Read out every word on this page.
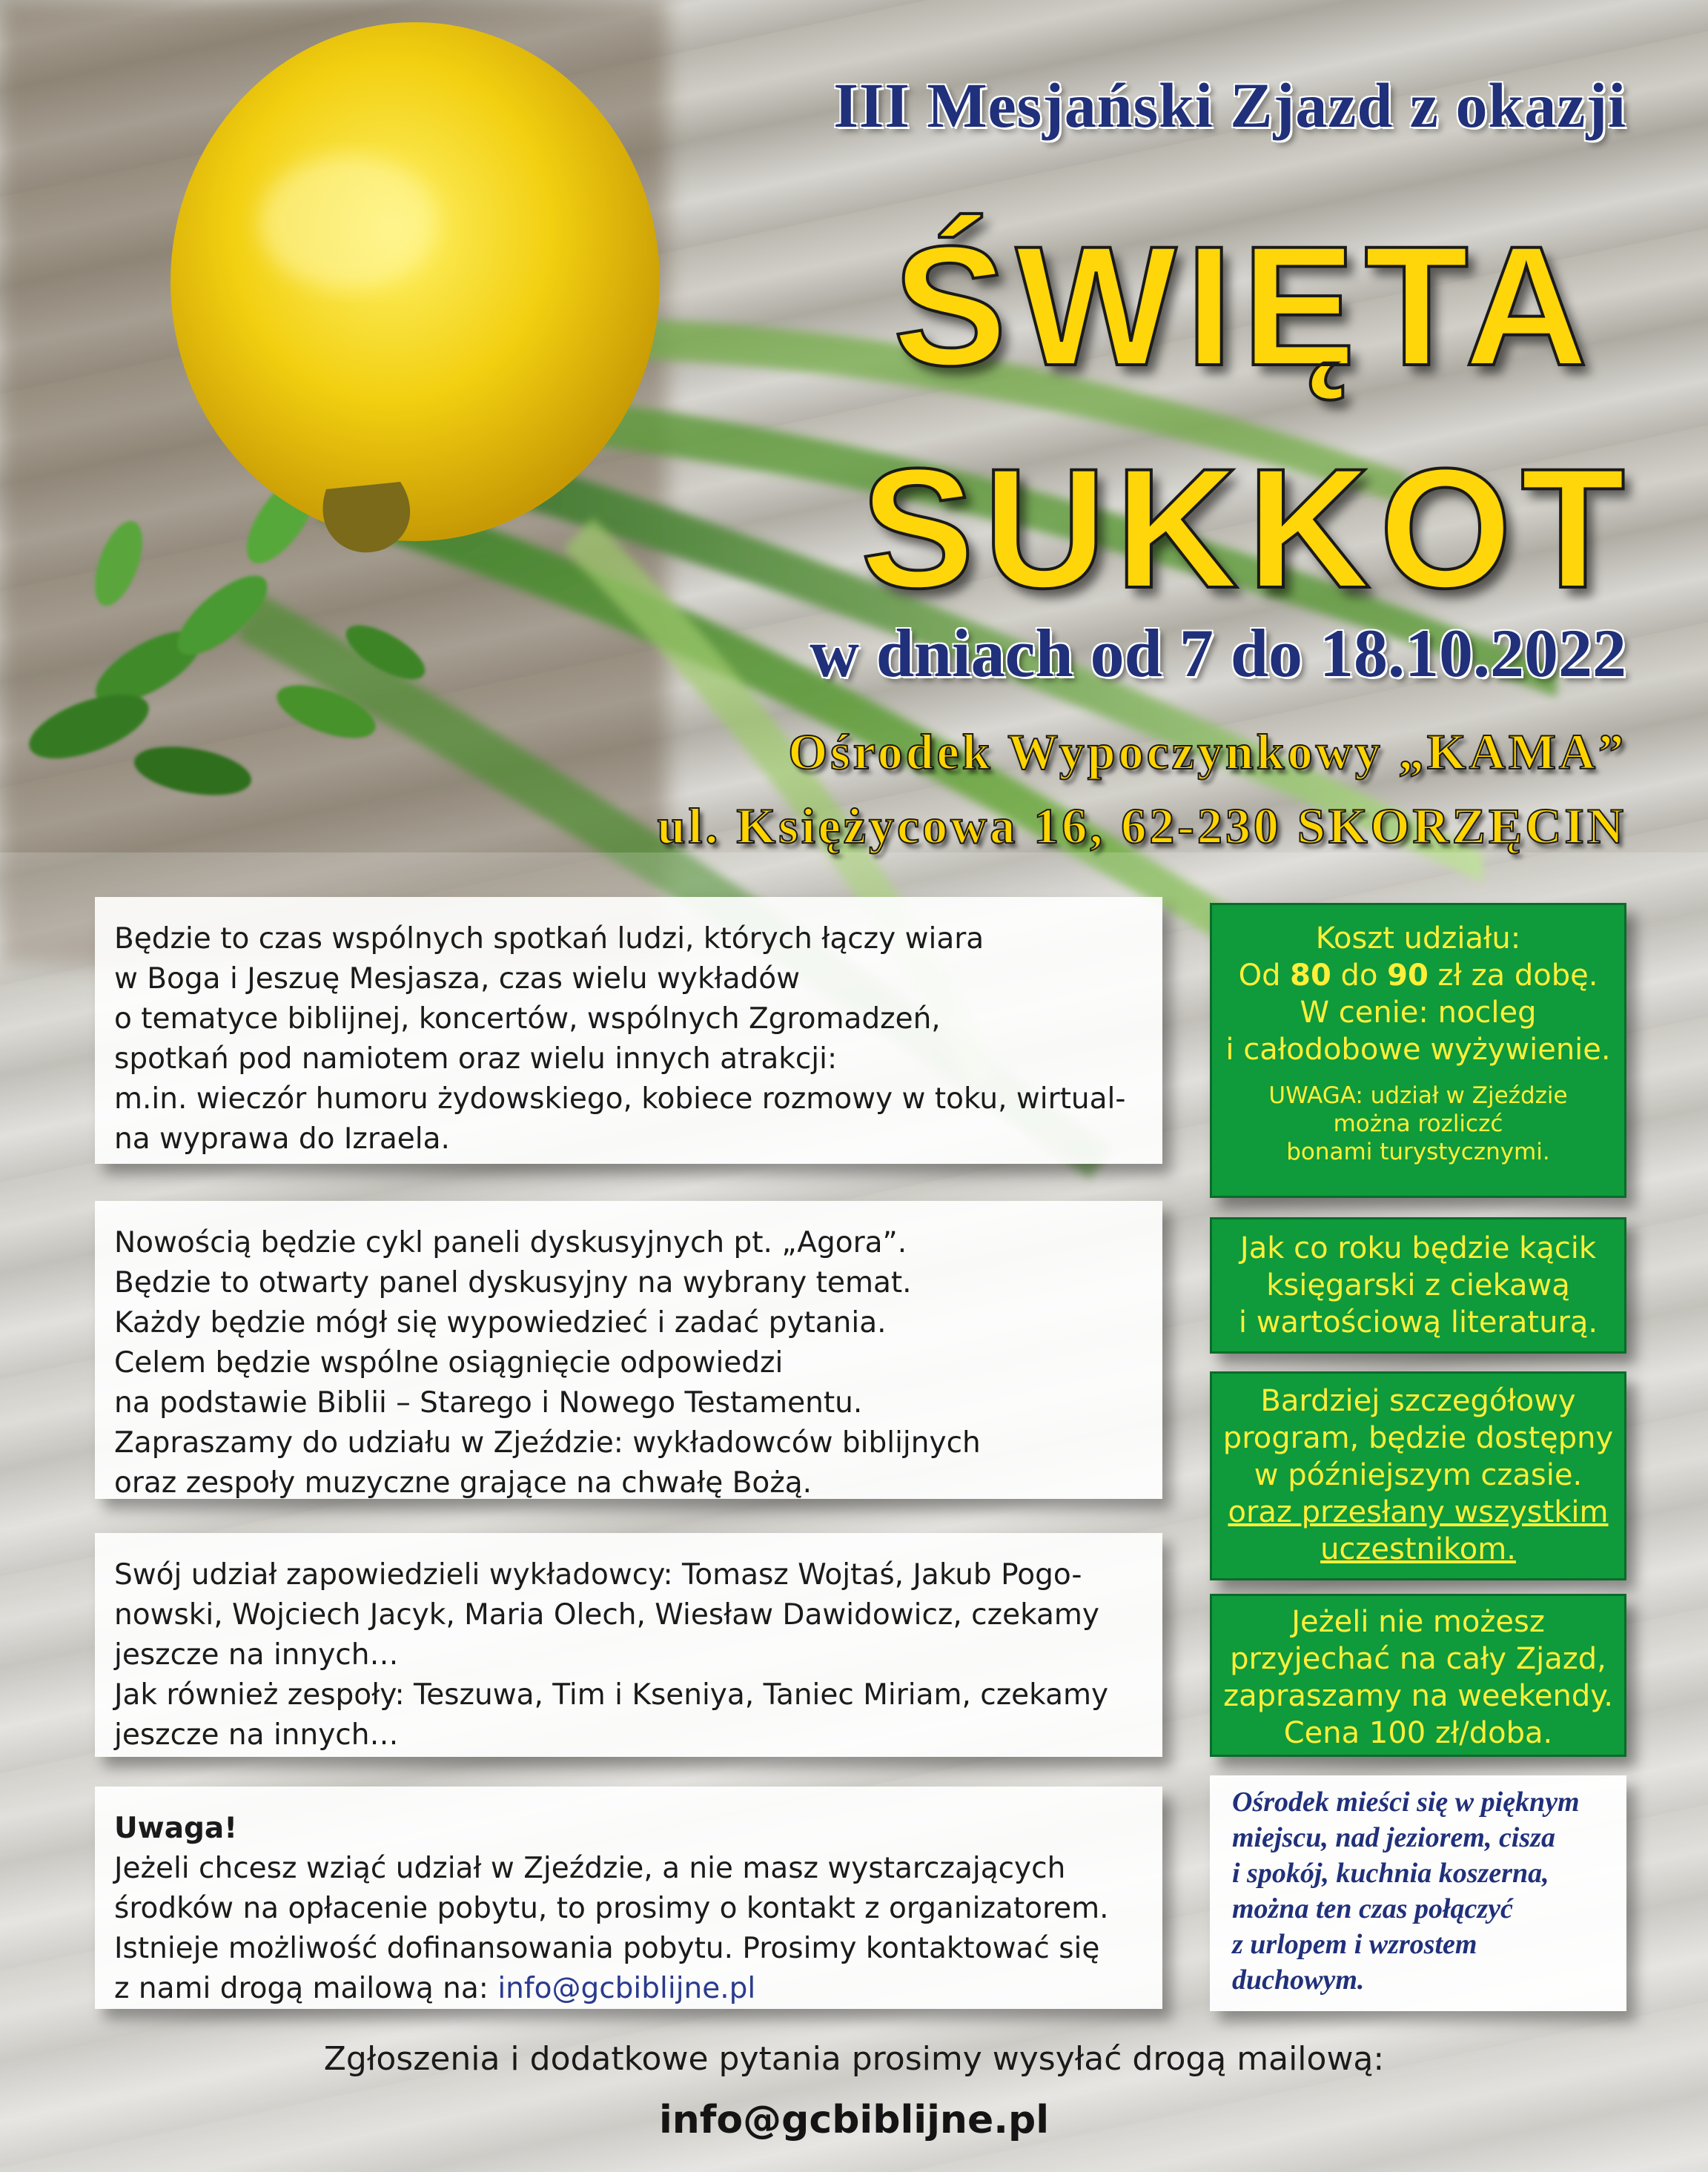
III Mesjański Zjazd z okazji
ŚWIĘTA
SUKKOT
w dniach od 7 do 18.10.2022
Ośrodek Wypoczynkowy „KAMA”
ul. Księżycowa 16, 62-230 SKORZĘCIN

Będzie to czas wspólnych spotkań ludzi, których łączy wiara
w Boga i Jeszuę Mesjasza, czas wielu wykładów
o tematyce biblijnej, koncertów, wspólnych Zgromadzeń,
spotkań pod namiotem oraz wielu innych atrakcji:
m.in. wieczór humoru żydowskiego, kobiece rozmowy w toku, wirtual-
na wyprawa do Izraela.

Nowością będzie cykl paneli dyskusyjnych pt. „Agora”.
Będzie to otwarty panel dyskusyjny na wybrany temat.
Każdy będzie mógł się wypowiedzieć i zadać pytania.
Celem będzie wspólne osiągnięcie odpowiedzi
na podstawie Biblii – Starego i Nowego Testamentu.
Zapraszamy do udziału w Zjeździe: wykładowców biblijnych
oraz zespoły muzyczne grające na chwałę Bożą.

Swój udział zapowiedzieli wykładowcy: Tomasz Wojtaś, Jakub Pogo-
nowski, Wojciech Jacyk, Maria Olech, Wiesław Dawidowicz, czekamy
jeszcze na innych…
Jak również zespoły: Teszuwa, Tim i Kseniya, Taniec Miriam, czekamy
jeszcze na innych…

Uwaga!

Jeżeli chcesz wziąć udział w Zjeździe, a nie masz wystarczających
środków na opłacenie pobytu, to prosimy o kontakt z organizatorem.
Istnieje możliwość dofinansowania pobytu. Prosimy kontaktować się
z nami drogą mailową na: info@gcbiblijne.pl

Koszt udziału:
Od 80 do 90 zł za dobę.
W cenie: nocleg
i całodobowe wyżywienie.
UWAGA: udział w Zjeździe
można rozliczć
bonami turystycznymi.
Jak co roku będzie kącik
księgarski z ciekawą
i wartościową literaturą.
Bardziej szczegółowy
program, będzie dostępny
w późniejszym czasie.
oraz przesłany wszystkim
uczestnikom.
Jeżeli nie możesz
przyjechać na cały Zjazd,
zapraszamy na weekendy.
Cena 100 zł/doba.
Ośrodek mieści się w pięknym
miejscu, nad jeziorem, cisza
i spokój, kuchnia koszerna,
można ten czas połączyć
z urlopem i wzrostem
duchowym.
Zgłoszenia i dodatkowe pytania prosimy wysyłać drogą mailową:
info@gcbiblijne.pl
